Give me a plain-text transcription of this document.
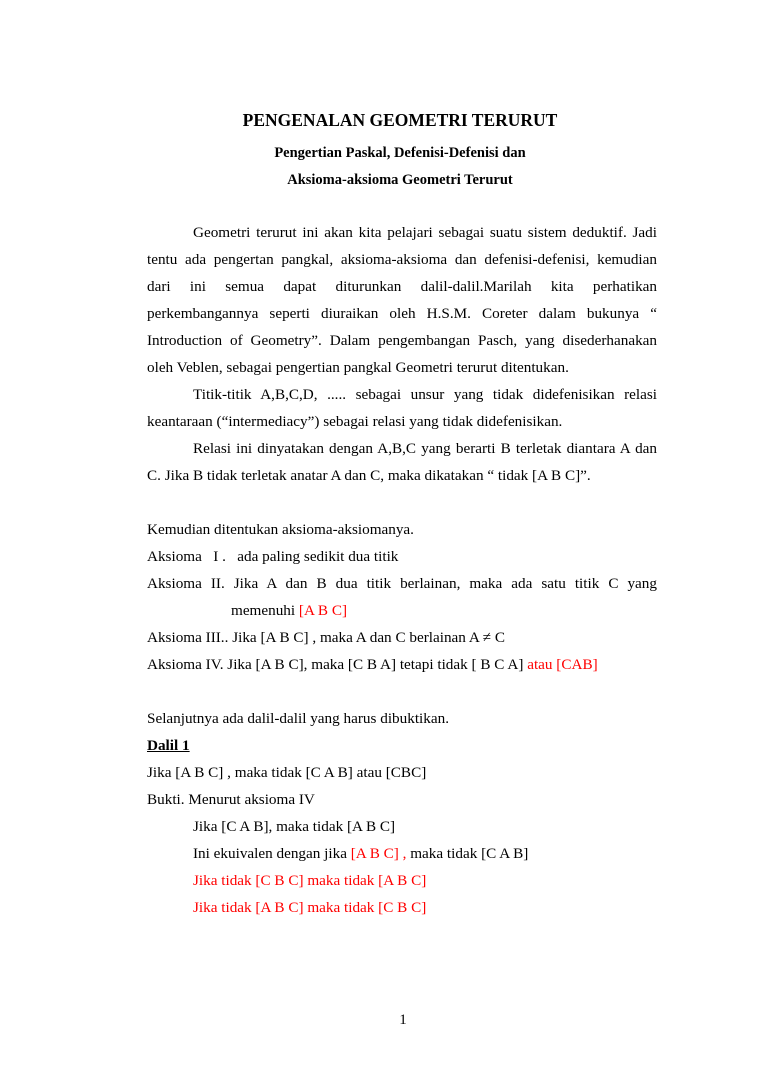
PENGENALAN GEOMETRI TERURUT
Pengertian Paskal, Defenisi-Defenisi dan
Aksioma-aksioma Geometri Terurut
Geometri terurut ini akan kita pelajari sebagai suatu sistem deduktif. Jadi
tentu ada pengertan pangkal, aksioma-aksioma dan defenisi-defenisi, kemudian
dari ini semua dapat diturunkan dalil-dalil.Marilah kita perhatikan
perkembangannya seperti diuraikan oleh H.S.M. Coreter dalam bukunya “
Introduction of Geometry”. Dalam pengembangan Pasch, yang disederhanakan
oleh Veblen, sebagai pengertian pangkal Geometri terurut ditentukan.
Titik-titik A,B,C,D, ..... sebagai unsur yang tidak didefenisikan relasi
keantaraan (“intermediacy”) sebagai relasi yang tidak didefenisikan.
Relasi ini dinyatakan dengan A,B,C yang berarti B terletak diantara A dan
C. Jika B tidak terletak anatar A dan C, maka dikatakan “ tidak [A B C]”.
Kemudian ditentukan aksioma-aksiomanya.
Aksioma   I .   ada paling sedikit dua titik
Aksioma II. Jika A dan B dua titik berlainan, maka ada satu titik C yang
memenuhi [A B C]
Aksioma III.. Jika [A B C] , maka A dan C berlainan A ≠ C
Aksioma IV. Jika [A B C], maka [C B A] tetapi tidak [ B C A] atau [CAB]
Selanjutnya ada dalil-dalil yang harus dibuktikan.
Dalil 1
Jika [A B C] , maka tidak [C A B] atau [CBC]
Bukti. Menurut aksioma IV
Jika [C A B], maka tidak [A B C]
Ini ekuivalen dengan jika [A B C] , maka tidak [C A B]
Jika tidak [C B C] maka tidak [A B C]
Jika tidak [A B C] maka tidak [C B C]
1
